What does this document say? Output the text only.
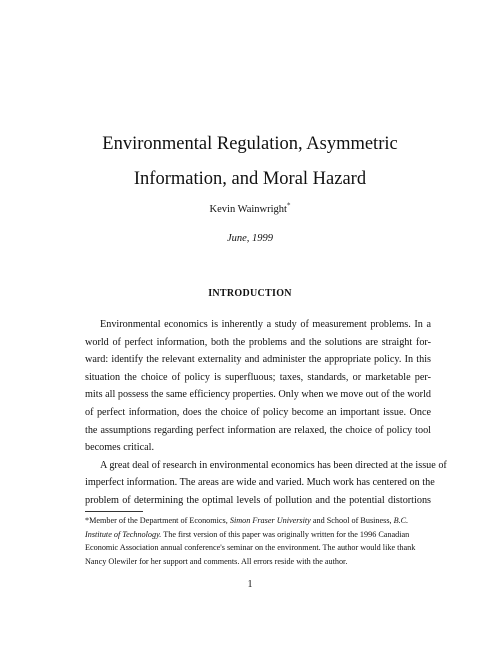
Environmental Regulation, Asymmetric
Information, and Moral Hazard
Kevin Wainwright*
June, 1999
INTRODUCTION
Environmental economics is inherently a study of measurement problems. In a
world of perfect information, both the problems and the solutions are straight for-
ward: identify the relevant externality and administer the appropriate policy. In this
situation the choice of policy is superfluous; taxes, standards, or marketable per-
mits all possess the same efficiency properties. Only when we move out of the world
of perfect information, does the choice of policy become an important issue. Once
the assumptions regarding perfect information are relaxed, the choice of policy tool
becomes critical.
A great deal of research in environmental economics has been directed at the issue of
*Member of the Department of Economics, Simon Fraser University and School of Business, B.C.
Institute of Technology. The first version of this paper was originally written for the 1996 Canadian
Economic Association annual conference's seminar on the environment. The author would like thank
Nancy Olewiler for her support and comments. All errors reside with the author.
1
imperfect information. The areas are wide and varied. Much work has centered on the
problem of determining the optimal levels of pollution and the potential distortions
